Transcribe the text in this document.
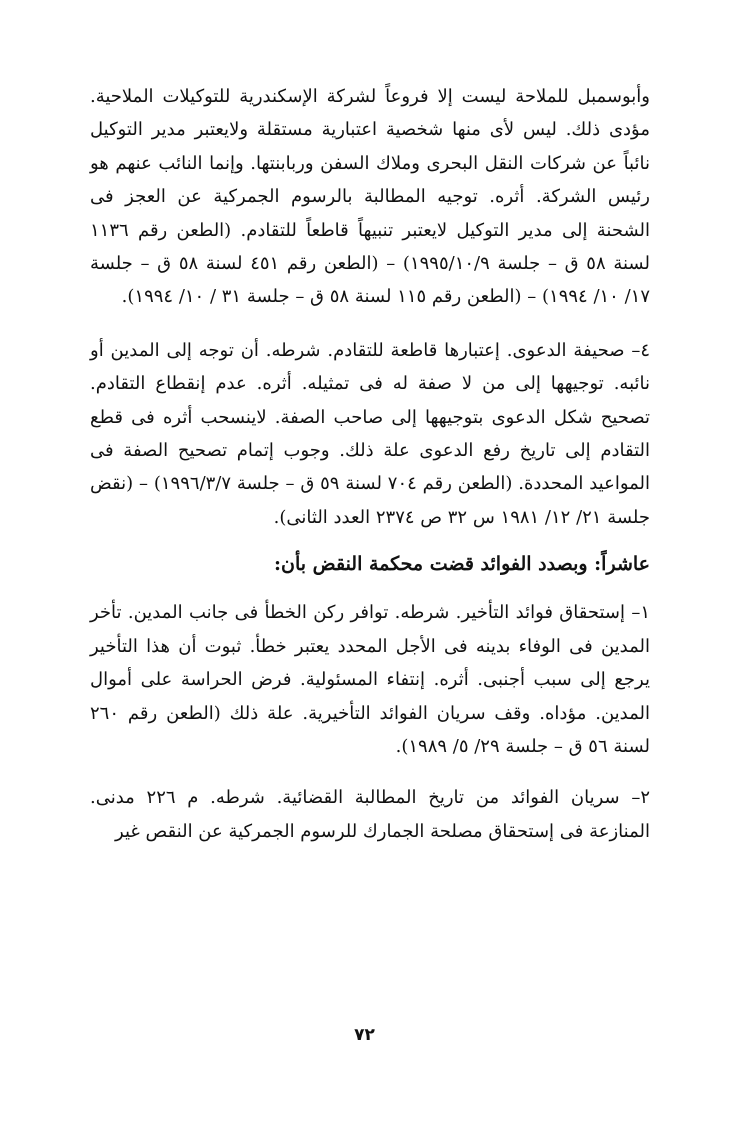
وأبوسمبل للملاحة ليست إلا فروعاً لشركة الإسكندرية للتوكيلات الملاحية. مؤدى ذلك. ليس لأى منها شخصية اعتبارية مستقلة ولايعتبر مدير التوكيل نائباً عن شركات النقل البحرى وملاك السفن وربابنتها. وإنما النائب عنهم هو رئيس الشركة. أثره. توجيه المطالبة بالرسوم الجمركية عن العجز فى الشحنة إلى مدير التوكيل لايعتبر تنبيهاً قاطعاً للتقادم. (الطعن رقم ١١٣٦ لسنة ٥٨ ق – جلسة ١٩٩٥/١٠/٩) – (الطعن رقم ٤٥١ لسنة ٥٨ ق – جلسة ١٧/ ١٠/ ١٩٩٤) – (الطعن رقم ١١٥ لسنة ٥٨ ق – جلسة ٣١ / ١٠/ ١٩٩٤).

٤– صحيفة الدعوى. إعتبارها قاطعة للتقادم. شرطه. أن توجه إلى المدين أو نائبه. توجيهها إلى من لا صفة له فى تمثيله. أثره. عدم إنقطاع التقادم. تصحيح شكل الدعوى بتوجيهها إلى صاحب الصفة. لاينسحب أثره فى قطع التقادم إلى تاريخ رفع الدعوى علة ذلك. وجوب إتمام تصحيح الصفة فى المواعيد المحددة. (الطعن رقم ٧٠٤ لسنة ٥٩ ق – جلسة ١٩٩٦/٣/٧) – (نقض جلسة ٢١/ ١٢/ ١٩٨١ س ٣٢ ص ٢٣٧٤ العدد الثانى).

عاشراً: وبصدد الفوائد قضت محكمة النقض بأن:

١– إستحقاق فوائد التأخير. شرطه. توافر ركن الخطأ فى جانب المدين. تأخر المدين فى الوفاء بدينه فى الأجل المحدد يعتبر خطأ. ثبوت أن هذا التأخير يرجع إلى سبب أجنبى. أثره. إنتفاء المسئولية. فرض الحراسة على أموال المدين. مؤداه. وقف سريان الفوائد التأخيرية. علة ذلك (الطعن رقم ٢٦٠ لسنة ٥٦ ق – جلسة ٢٩/ ٥/ ١٩٨٩).

٢– سريان الفوائد من تاريخ المطالبة القضائية. شرطه. م ٢٢٦ مدنى. المنازعة فى إستحقاق مصلحة الجمارك للرسوم الجمركية عن النقص غير

٧٢
